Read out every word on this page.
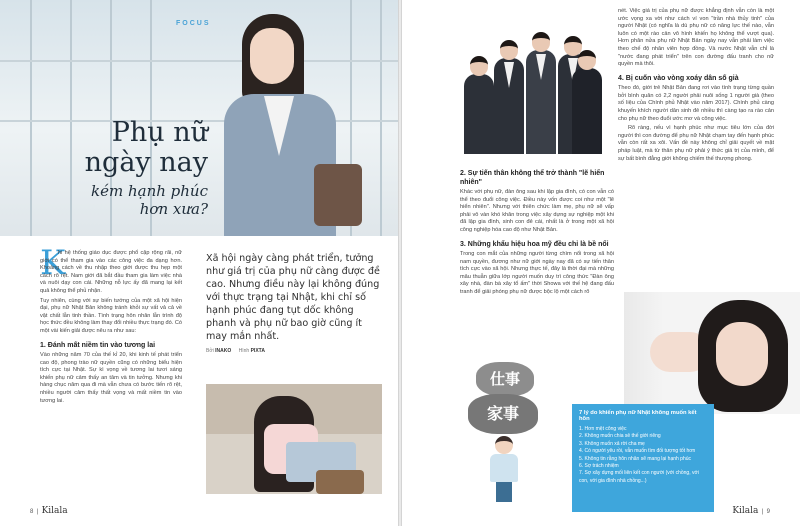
FOCUS
Phụ nữ
ngày nay
kém hạnh phúc
hơn xưa?
K

hi hệ thống giáo dục được phổ cập rộng rãi, nữ giới có thể tham gia vào các công việc đa dạng hơn. Khoảng cách về thu nhập theo giới được thu hẹp một cách rõ rệt. Nam giới đã bắt đầu tham gia làm việc nhà và nuôi dạy con cái. Những nỗ lực ấy đã mang lại kết quả không thể phủ nhận.

Tuy nhiên, cùng với sự biến tướng của một xã hội hiện đại, phụ nữ Nhật Bản không tránh khỏi sự vất vả cả về vật chất lẫn tinh thần. Tình trạng hôn nhân lẫn trình độ học thức đều không làm thay đổi nhiều thực trạng đó. Có một vài kiến giải được nêu ra như sau:

1. Đánh mất niềm tin vào tương lai

Vào những năm 70 của thế kỉ 20, khi kinh tế phát triển cao độ, phong trào nữ quyền cũng có những biểu hiện tích cực tại Nhật. Sự kì vọng về tương lai tươi sáng khiến phụ nữ cảm thấy an tâm và tin tưởng. Nhưng khi hàng chục năm qua đi mà vẫn chưa có bước tiến rõ rệt, nhiều người cảm thấy thất vọng và mất niềm tin vào tương lai.

Xã hội ngày càng phát triển, tưởng như giá trị của phụ nữ càng được đề cao. Nhưng điều này lại không đúng với thực trạng tại Nhật, khi chỉ số hạnh phúc đang tụt dốc không phanh và phụ nữ bao giờ cũng ít may mắn nhất.
Bởi INAKO Hình PIXTA
8  |  Kilala
2. Sự tiến thân không thể trở thành "lẽ hiển nhiên"

Khác với phụ nữ, đàn ông sau khi lập gia đình, có con vẫn có thể theo đuổi công việc. Điều này vốn được coi như một "lẽ hiển nhiên". Nhưng với thiên chức làm mẹ, phụ nữ sẽ vấp phải vô vàn khó khăn trong việc xây dựng sự nghiệp một khi đã lập gia đình, sinh con đẻ cái, nhất là ở trong một xã hội công nghiệp hóa cao độ như Nhật Bản.

3. Những khẩu hiệu hoa mỹ đều chỉ là bề nổi

Trong con mắt của những người từng chìm nổi trong xã hội nam quyền, đương như nữ giới ngày nay đã có sự tiến thân tích cực vào xã hội. Nhưng thực tế, đây là thời đại mà những mâu thuẫn giữa lớp người muốn duy trì công thức "Đàn ông xây nhà, đàn bà xây tổ ấm" thời Showa với thế hệ đang đấu tranh để giải phóng phụ nữ được bộc lộ một cách rõ

nét. Việc giá trị của phụ nữ được khẳng định vẫn còn là một ước vọng xa vời như cách ví von "trần nhà thủy tinh" của người Nhật (có nghĩa là dù phụ nữ có năng lực thế nào, vẫn luôn có một rào cản vô hình khiến họ không thể vượt qua). Hơn phân nửa phụ nữ Nhật Bản ngày nay vẫn phải làm việc theo chế độ nhân viên hợp đồng. Và nước Nhật vẫn chỉ là "nước đang phát triển" trên con đường đấu tranh cho nữ quyền mà thôi.

4. Bị cuốn vào vòng xoáy dân số già

Theo đó, giới trẻ Nhật Bản đang rơi vào tình trạng từng quần bởi bình quân có 2,2 người phải nuôi sống 1 người già (theo số liệu của Chính phủ Nhật vào năm 2017). Chính phủ càng khuyến khích người dân sinh đẻ nhiều thì càng tạo ra rào cản cho phụ nữ theo đuổi ước mơ và công việc.

Rõ ràng, nếu vì hạnh phúc như mục tiêu lớn của đời người thì con đường để phụ nữ Nhật chạm tay đến hạnh phúc vẫn còn rất xa xôi. Vấn đề này không chỉ giải quyết về mặt pháp luật, mà từ thân phụ nữ phải ý thức giá trị của mình, để sự bất bình đẳng giới không chiếm thế thượng phong.

仕事
家事	7 lý do khiến phụ nữ Nhật không muốn kết hôn
1. Hơn mệt công việc
2. Không muốn chia sẻ thế giới riêng
3. Không muốn xả rời cha mẹ
4. Có người yêu rồi, vẫn muốn tìm đối tượng tốt hơn
5. Không tin rằng hôn nhân sẽ mang lại hạnh phúc
6. Sợ trách nhiệm
7. Sợ xây dựng mối liên kết con người (với chồng, với con, với gia đình nhà chồng...)
Kilala  |  9
